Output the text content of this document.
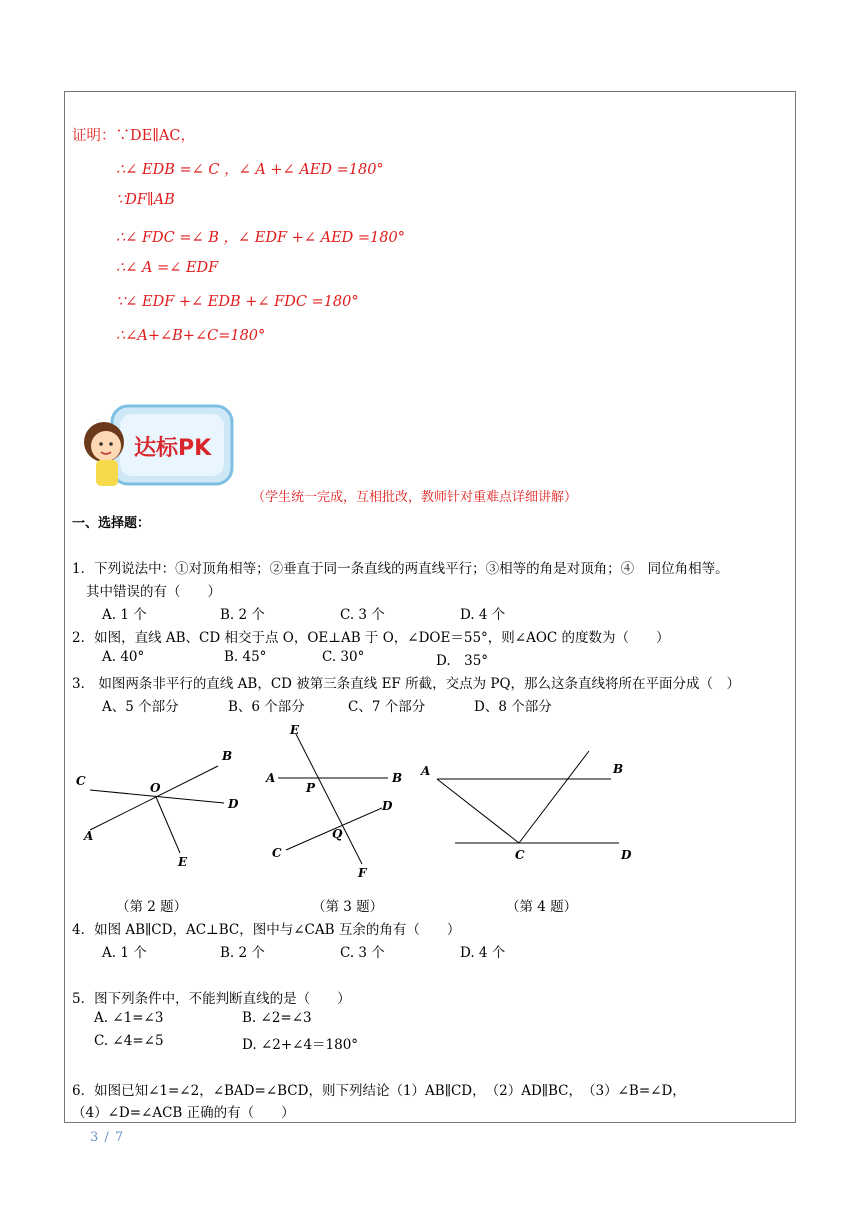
证明：∵DE∥AC，
∴∠ EDB =∠ C ，∠ A +∠ AED =180°
∵DF∥AB
∴∠ FDC =∠ B ，∠ EDF +∠ AED =180°
∴∠ A =∠ EDF
∵∠ EDF +∠ EDB +∠ FDC =180°
∴∠A+∠B+∠C=180°
达标PK
（学生统一完成，互相批改，教师针对重难点详细讲解）
一、选择题：
1．下列说法中：①对顶角相等；②垂直于同一条直线的两直线平行；③相等的角是对顶角；④　同位角相等。
其中错误的有（　　）
A. 1 个	B. 2 个	C. 3 个	D. 4 个
2．如图，直线 AB、CD 相交于点 O，OE⊥AB 于 O，∠DOE＝55°，则∠AOC 的度数为（　　）
A. 40°	B. 45°	C. 30°	D.　35°
3． 如图两条非平行的直线 AB，CD 被第三条直线 EF 所截，交点为 PQ，那么这条直线将所在平面分成（　）
A、5 个部分	B、6 个部分	C、7 个部分	D、8 个部分
A
B
C
D
E
O
（第 2 题）
E
A	B
P
D
Q
C
F
（第 3 题）
A	B
C	D
（第 4 题）
4．如图 AB∥CD，AC⊥BC，图中与∠CAB 互余的角有（　　）
A. 1 个	B. 2 个	C. 3 个	D. 4 个
5．图下列条件中，不能判断直线的是（　　）
A. ∠1=∠3	B. ∠2=∠3
C. ∠4=∠5	D. ∠2+∠4＝180°
6．如图已知∠1=∠2，∠BAD=∠BCD，则下列结论（1）AB∥CD，　（2）AD∥BC，　（3）∠B=∠D，
（4）∠D=∠ACB 正确的有（　　）
3 / 7
